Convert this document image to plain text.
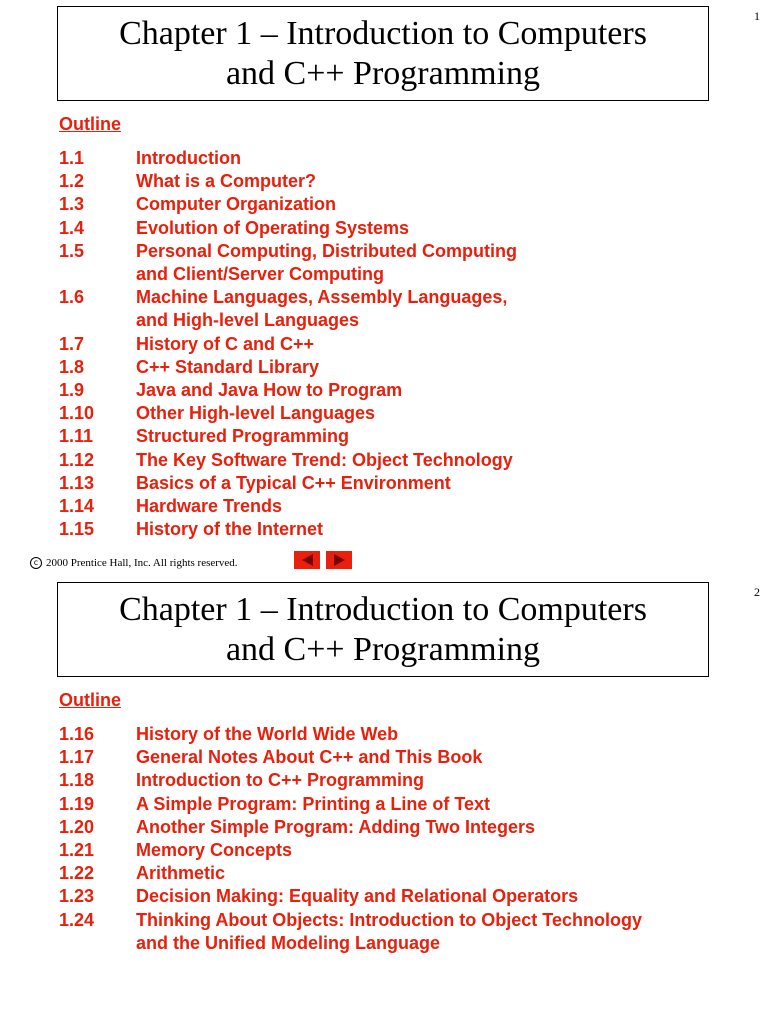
1
Chapter 1 – Introduction to Computers
and C++ Programming
Outline
1.1	Introduction
1.2	What is a Computer?
1.3	Computer Organization
1.4	Evolution of Operating Systems
1.5	Personal Computing, Distributed Computing
and Client/Server Computing
1.6	Machine Languages, Assembly Languages,
and High-level Languages
1.7	History of C and C++
1.8	C++ Standard Library
1.9	Java and Java How to Program
1.10	Other High-level Languages
1.11	Structured Programming
1.12	The Key Software Trend: Object Technology
1.13	Basics of a Typical C++ Environment
1.14	Hardware Trends
1.15	History of the Internet
c 2000 Prentice Hall, Inc. All rights reserved.
2
Chapter 1 – Introduction to Computers
and C++ Programming
Outline
1.16	History of the World Wide Web
1.17	General Notes About C++ and This Book
1.18	Introduction to C++ Programming
1.19	A Simple Program: Printing a Line of Text
1.20	Another Simple Program: Adding Two Integers
1.21	Memory Concepts
1.22	Arithmetic
1.23	Decision Making: Equality and Relational Operators
1.24	Thinking About Objects: Introduction to Object Technology
and the Unified Modeling Language
